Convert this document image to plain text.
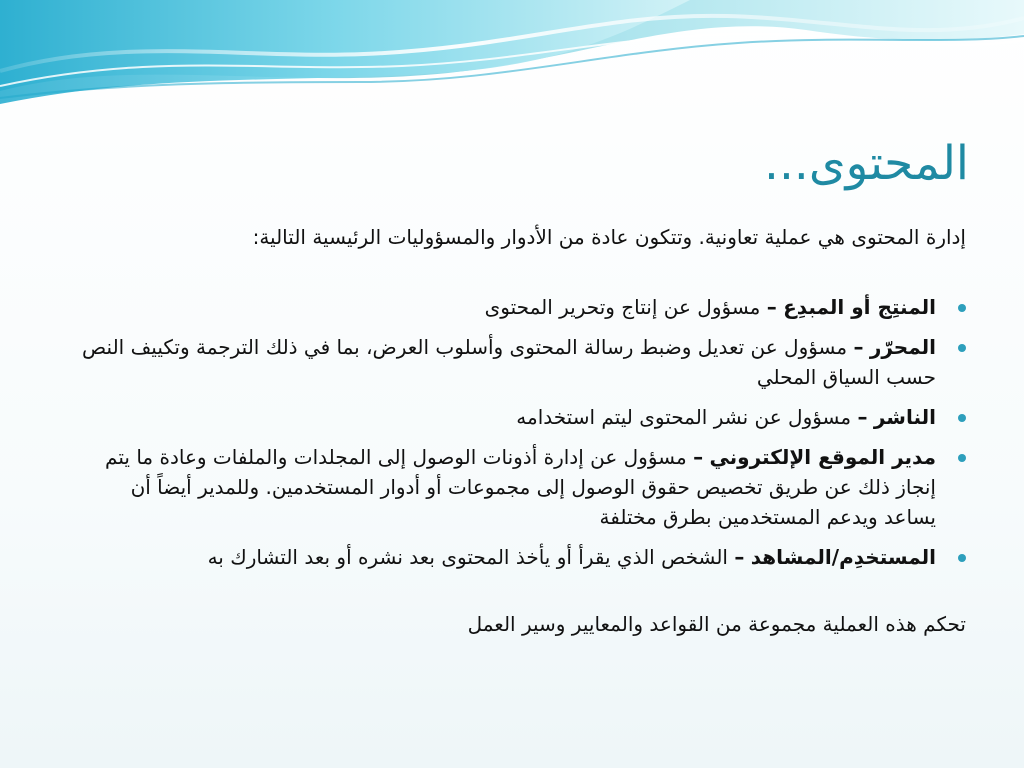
المحتوى...

إدارة المحتوى هي عملية تعاونية. وتتكون عادة من الأدوار والمسؤوليات الرئيسية التالية:

المنتِج أو المبدِع – مسؤول عن إنتاج وتحرير المحتوى
المحرّر – مسؤول عن تعديل وضبط رسالة المحتوى وأسلوب العرض، بما في ذلك الترجمة وتكييف النص حسب السياق المحلي
الناشر – مسؤول عن نشر المحتوى ليتم استخدامه
مدير الموقع الإلكتروني – مسؤول عن إدارة أذونات الوصول إلى المجلدات والملفات وعادة ما يتم إنجاز ذلك عن طريق تخصيص حقوق الوصول إلى مجموعات أو أدوار المستخدمين. وللمدير أيضاً أن يساعد ويدعم المستخدمين بطرق مختلفة
المستخدِم/المشاهد – الشخص الذي يقرأ أو يأخذ المحتوى بعد نشره أو بعد التشارك به

تحكم هذه العملية مجموعة من القواعد والمعايير وسير العمل
